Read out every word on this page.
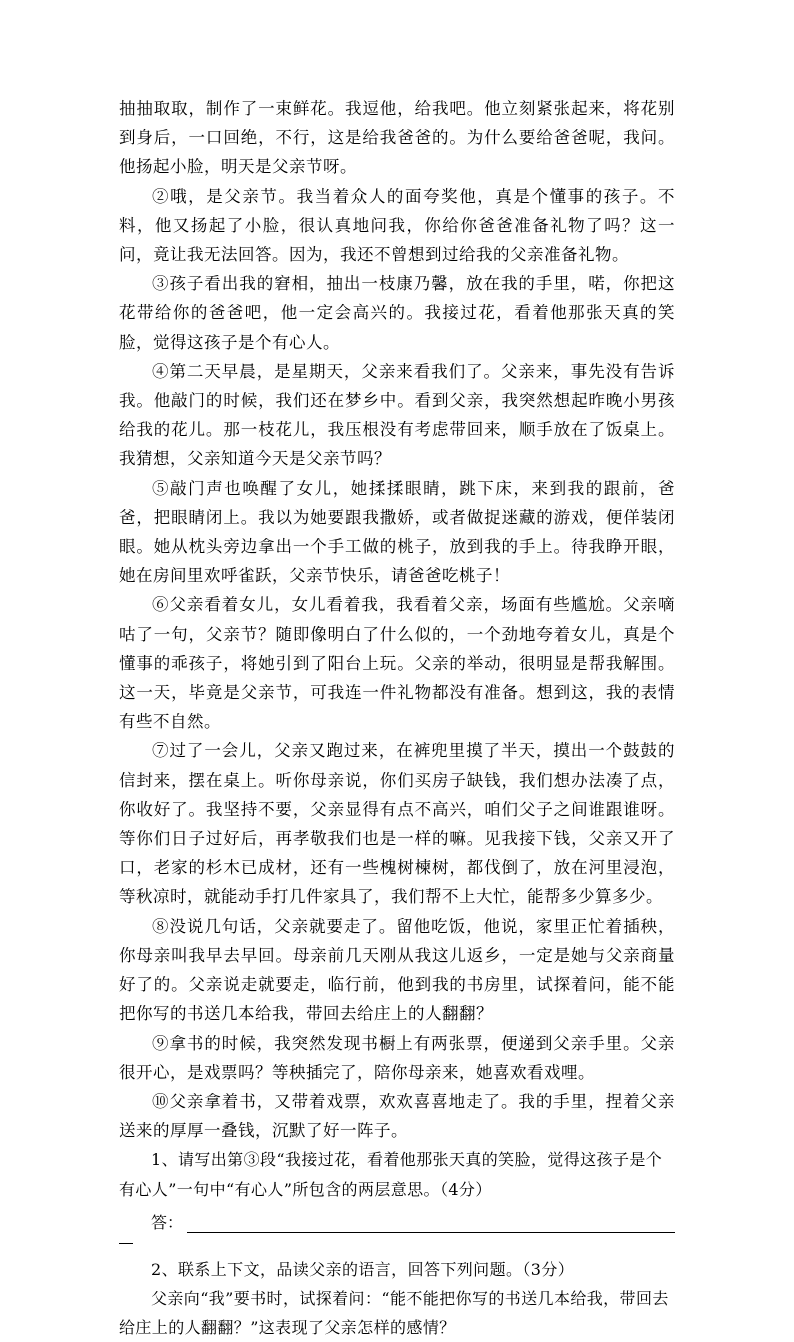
抽抽取取，制作了一束鲜花。我逗他，给我吧。他立刻紧张起来，将花别到身后，一口回绝，不行，这是给我爸爸的。为什么要给爸爸呢，我问。他扬起小脸，明天是父亲节呀。

②哦，是父亲节。我当着众人的面夸奖他，真是个懂事的孩子。不料，他又扬起了小脸，很认真地问我，你给你爸爸准备礼物了吗？这一问，竟让我无法回答。因为，我还不曾想到过给我的父亲准备礼物。

③孩子看出我的窘相，抽出一枝康乃馨，放在我的手里，喏，你把这花带给你的爸爸吧，他一定会高兴的。我接过花，看着他那张天真的笑脸，觉得这孩子是个有心人。

④第二天早晨，是星期天，父亲来看我们了。父亲来，事先没有告诉我。他敲门的时候，我们还在梦乡中。看到父亲，我突然想起昨晚小男孩给我的花儿。那一枝花儿，我压根没有考虑带回来，顺手放在了饭桌上。我猜想，父亲知道今天是父亲节吗？

⑤敲门声也唤醒了女儿，她揉揉眼睛，跳下床，来到我的跟前，爸爸，把眼睛闭上。我以为她要跟我撒娇，或者做捉迷藏的游戏，便佯装闭眼。她从枕头旁边拿出一个手工做的桃子，放到我的手上。待我睁开眼，她在房间里欢呼雀跃，父亲节快乐，请爸爸吃桃子！

⑥父亲看着女儿，女儿看着我，我看着父亲，场面有些尴尬。父亲嘀咕了一句，父亲节？随即像明白了什么似的，一个劲地夸着女儿，真是个懂事的乖孩子，将她引到了阳台上玩。父亲的举动，很明显是帮我解围。这一天，毕竟是父亲节，可我连一件礼物都没有准备。想到这，我的表情有些不自然。

⑦过了一会儿，父亲又跑过来，在裤兜里摸了半天，摸出一个鼓鼓的信封来，摆在桌上。听你母亲说，你们买房子缺钱，我们想办法凑了点，你收好了。我坚持不要，父亲显得有点不高兴，咱们父子之间谁跟谁呀。等你们日子过好后，再孝敬我们也是一样的嘛。见我接下钱，父亲又开了口，老家的杉木已成材，还有一些槐树楝树，都伐倒了，放在河里浸泡，等秋凉时，就能动手打几件家具了，我们帮不上大忙，能帮多少算多少。

⑧没说几句话，父亲就要走了。留他吃饭，他说，家里正忙着插秧，你母亲叫我早去早回。母亲前几天刚从我这儿返乡，一定是她与父亲商量好了的。父亲说走就要走，临行前，他到我的书房里，试探着问，能不能把你写的书送几本给我，带回去给庄上的人翻翻？

⑨拿书的时候，我突然发现书橱上有两张票，便递到父亲手里。父亲很开心，是戏票吗？等秧插完了，陪你母亲来，她喜欢看戏哩。

⑩父亲拿着书，又带着戏票，欢欢喜喜地走了。我的手里，捏着父亲送来的厚厚一叠钱，沉默了好一阵子。

1、请写出第③段“我接过花，看着他那张天真的笑脸，觉得这孩子是个有心人”一句中“有心人”所包含的两层意思。（4分）

答：

2、联系上下文，品读父亲的语言，回答下列问题。（3分）

父亲向“我”要书时，试探着问：“能不能把你写的书送几本给我，带回去给庄上的人翻翻？”这表现了父亲怎样的感情？
